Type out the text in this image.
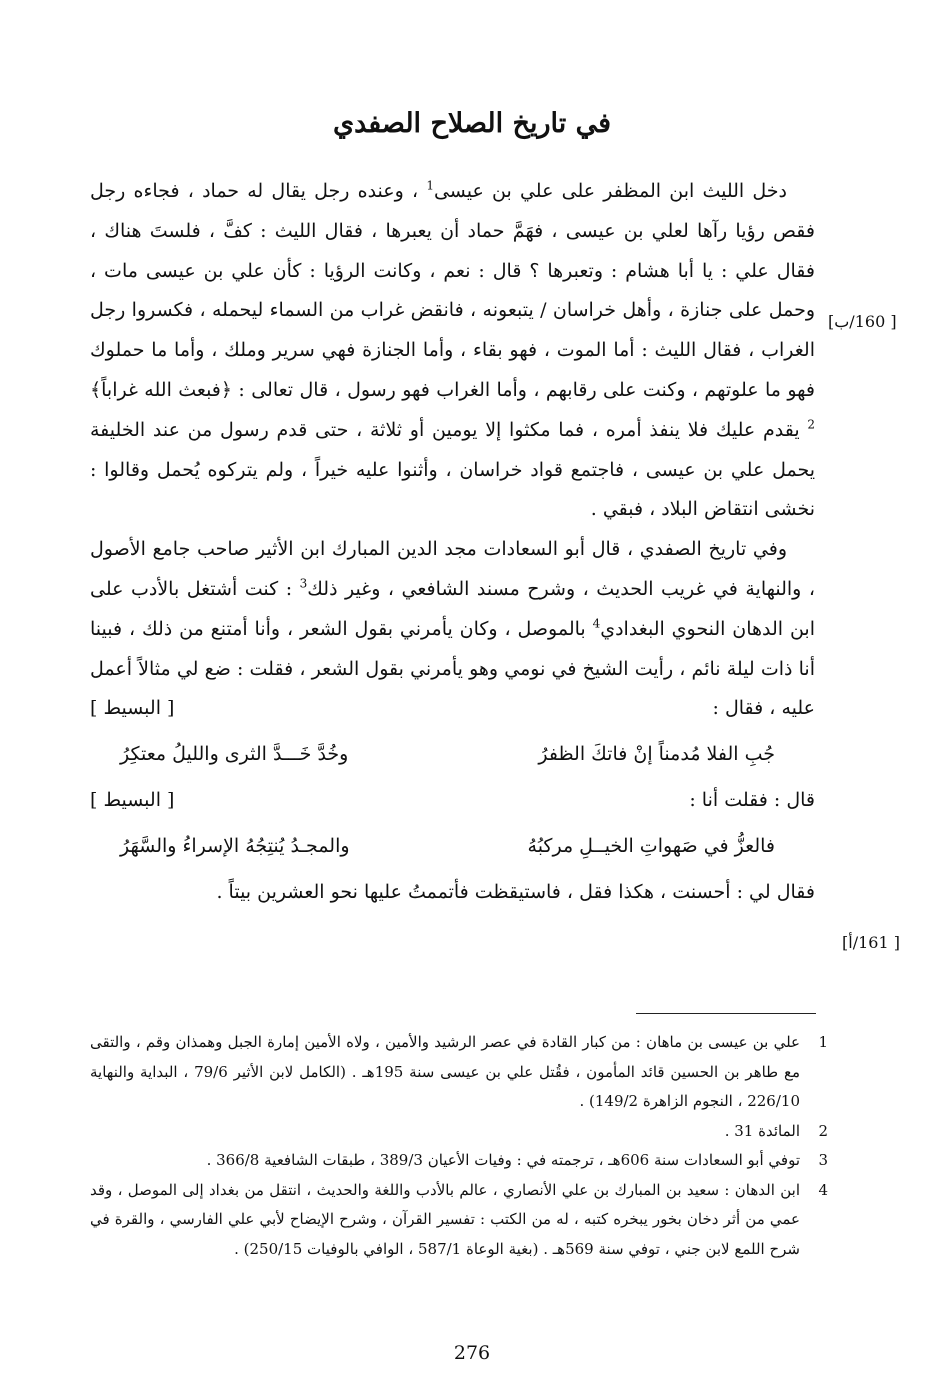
في تاريخ الصلاح الصفدي
[ 160/ب]
[ 161/أ]

دخل الليث ابن المظفر على علي بن عيسى$^1$ ، وعنده رجل يقال له حماد ، فجاءه رجل فقص رؤيا رآها لعلي بن عيسى ، فهَمَّ حماد أن يعبرها ، فقال الليث : كفَّ ، فلستَ هناك ، فقال علي : يا أبا هشام : وتعبرها ؟ قال : نعم ، وكانت الرؤيا : كأن علي بن عيسى مات ، وحمل على جنازة ، وأهل خراسان / يتبعونه ، فانقض غراب من السماء ليحمله ، فكسروا رجل الغراب ، فقال الليث : أما الموت ، فهو بقاء ، وأما الجنازة فهي سرير وملك ، وأما ما حملوك فهو ما علوتهم ، وكنت على رقابهم ، وأما الغراب فهو رسول ، قال تعالى : ﴿فبعث الله غراباً﴾$^2$ يقدم عليك فلا ينفذ أمره ، فما مكثوا إلا يومين أو ثلاثة ، حتى قدم رسول من عند الخليفة يحمل علي بن عيسى ، فاجتمع قواد خراسان ، وأثنوا عليه خيراً ، ولم يتركوه يُحمل وقالوا : نخشى انتقاض البلاد ، فبقي .

وفي تاريخ الصفدي ، قال أبو السعادات مجد الدين المبارك ابن الأثير صاحب جامع الأصول ، والنهاية في غريب الحديث ، وشرح مسند الشافعي ، وغير ذلك$^3$ : كنت أشتغل بالأدب على ابن الدهان النحوي البغدادي$^4$ بالموصل ، وكان يأمرني بقول الشعر ، وأنا أمتنع من ذلك ، فبينا أنا ذات ليلة نائم ، رأيت الشيخ في نومي وهو يأمرني بقول الشعر ، فقلت : ضع لي مثالاً أعمل عليه ، فقال :
[ البسيط ]

جُبِ الفلا مُدمناً إنْ فاتكَ الظفرُ
وخُدَّ خَـــدَّ الثرى والليلُ معتكِرُ

قال : فقلت أنا :
[ البسيط ]

فالعزُّ في صَهواتِ الخيــلِ مركبُهُ
والمجـدُ يُنتِجُهُ الإسراءُ والسَّهَرُ

فقال لي : أحسنت ، هكذا فقل ، فاستيقظت فأتممتُ عليها نحو العشرين بيتاً .

1
علي بن عيسى بن ماهان : من كبار القادة في عصر الرشيد والأمين ، ولاه الأمين إمارة الجبل وهمذان وقم ، والتقى مع طاهر بن الحسين قائد المأمون ، فقُتل علي بن عيسى سنة 195هـ . (الكامل لابن الأثير 79/6 ، البداية والنهاية 226/10 ، النجوم الزاهرة 149/2) .
2
المائدة 31 .
3
توفي أبو السعادات سنة 606هـ ، ترجمته في : وفيات الأعيان 389/3 ، طبقات الشافعية 366/8 .
4
ابن الدهان : سعيد بن المبارك بن علي الأنصاري ، عالم بالأدب واللغة والحديث ، انتقل من بغداد إلى الموصل ، وقد عمي من أثر دخان بخور يبخره كتبه ، له من الكتب : تفسير القرآن ، وشرح الإيضاح لأبي علي الفارسي ، والقرة في شرح اللمع لابن جني ، توفي سنة 569هـ . (بغية الوعاة 587/1 ، الوافي بالوفيات 250/15) .
276
